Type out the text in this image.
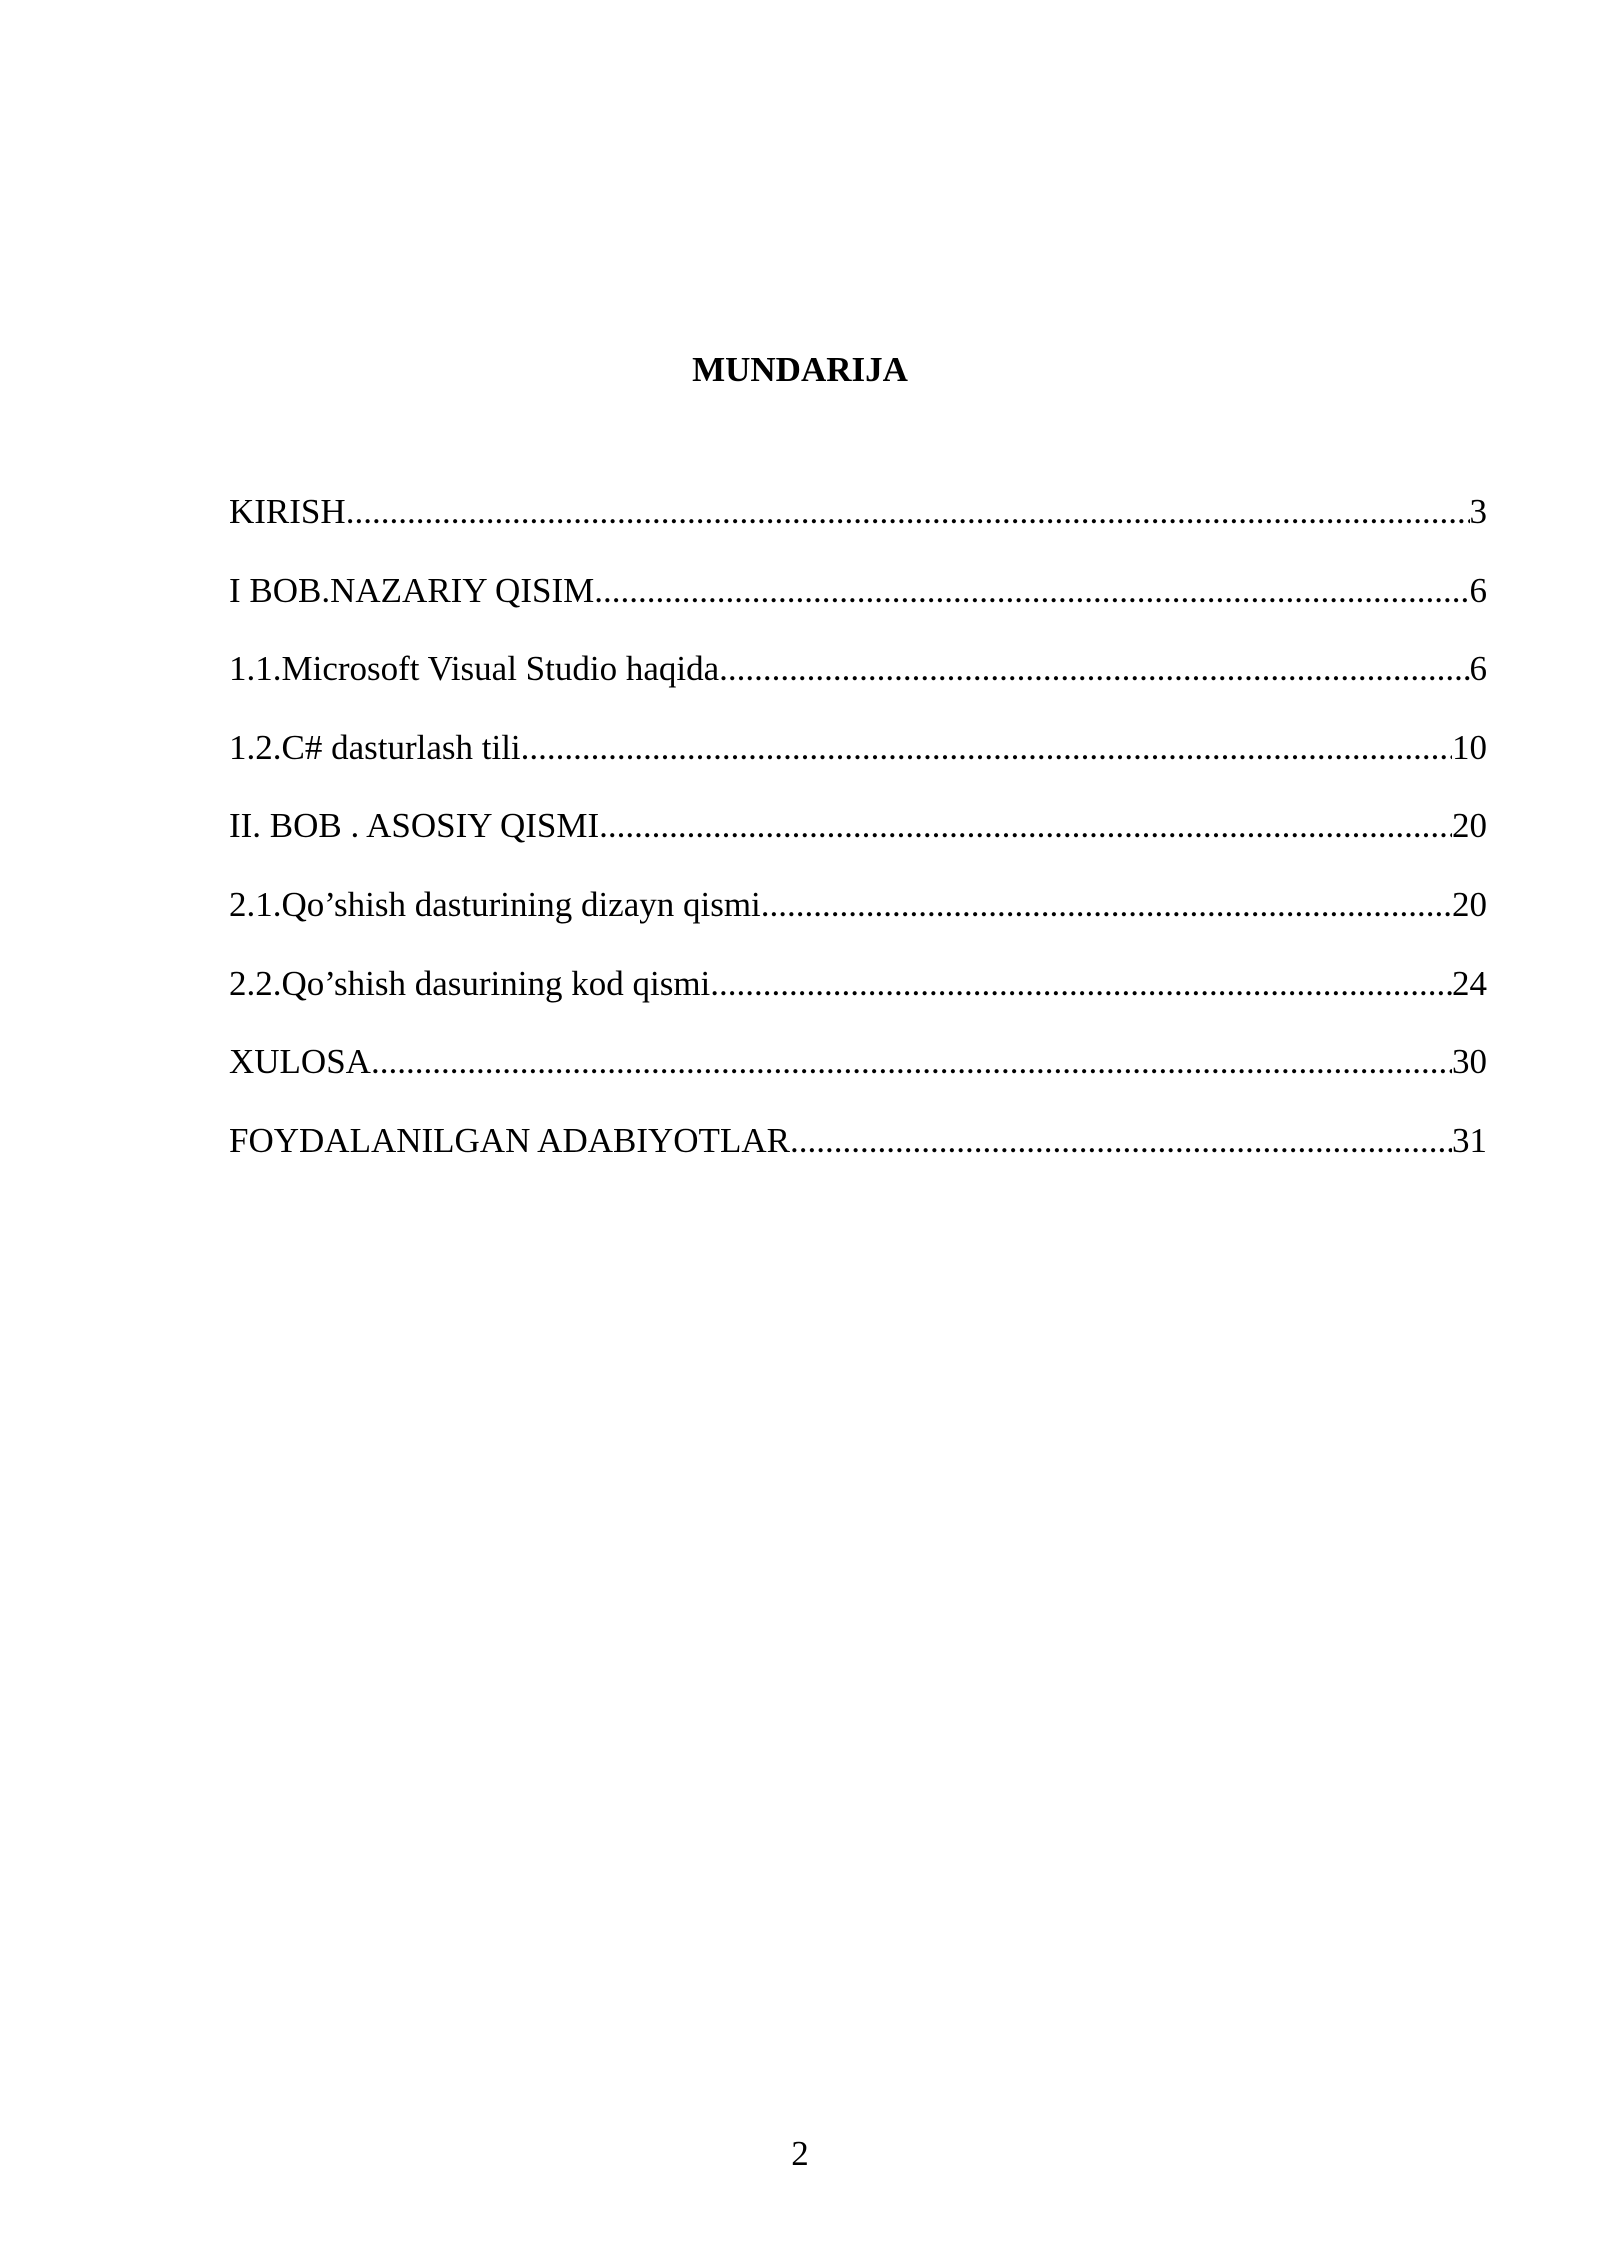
MUNDARIJA
KIRISH .....	3
I BOB.NAZARIY QISIM .....	6
1.1.Microsoft Visual Studio haqida .....	6
1.2.C# dasturlash tili .....	10
II. BOB . ASOSIY QISMI .....	20
2.1.Qo’shish dasturining dizayn qismi .....	20
2.2.Qo’shish dasurining kod qismi .....	24
XULOSA .....	30
FOYDALANILGAN ADABIYOTLAR .....	31
2
